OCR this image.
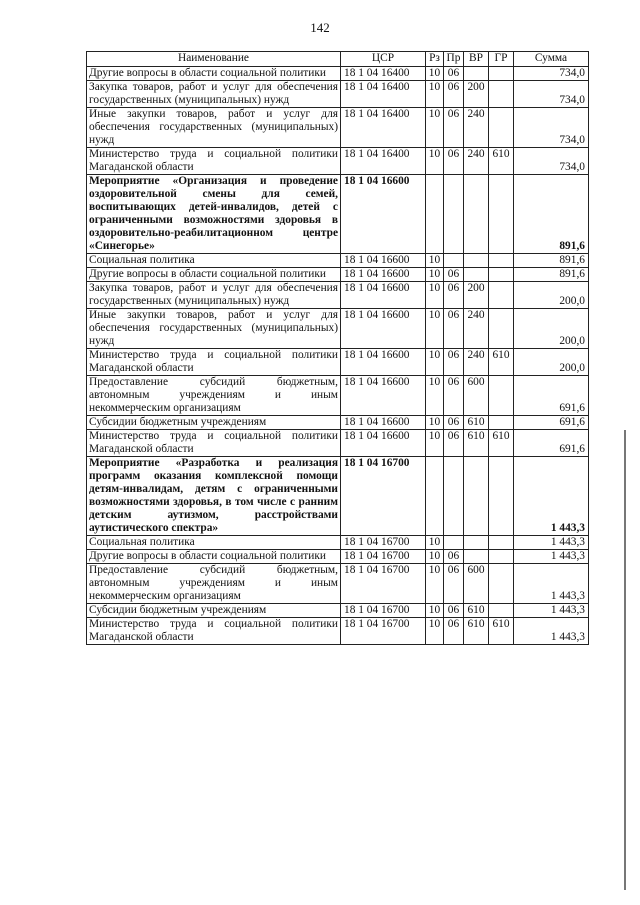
142
Наименование	ЦСР	Рз	Пр	ВР	ГР	Сумма
Другие вопросы в области социальной политики	18 1 04 16400	10	06			734,0
Закупка товаров, работ и услуг для обеспечения государственных (муниципальных) нужд	18 1 04 16400	10	06	200		734,0
Иные закупки товаров, работ и услуг для обеспечения государственных (муниципальных) нужд	18 1 04 16400	10	06	240		734,0
Министерство труда и социальной политики Магаданской области	18 1 04 16400	10	06	240	610	734,0
Мероприятие «Организация и проведение оздоровительной смены для семей, воспитывающих детей-инвалидов, детей с ограниченными возможностями здоровья в оздоровительно-реабилитационном центре «Синегорье»	18 1 04 16600					891,6
Социальная политика	18 1 04 16600	10				891,6
Другие вопросы в области социальной политики	18 1 04 16600	10	06			891,6
Закупка товаров, работ и услуг для обеспечения государственных (муниципальных) нужд	18 1 04 16600	10	06	200		200,0
Иные закупки товаров, работ и услуг для обеспечения государственных (муниципальных) нужд	18 1 04 16600	10	06	240		200,0
Министерство труда и социальной политики Магаданской области	18 1 04 16600	10	06	240	610	200,0
Предоставление субсидий бюджетным, автономным учреждениям и иным некоммерческим организациям	18 1 04 16600	10	06	600		691,6
Субсидии бюджетным учреждениям	18 1 04 16600	10	06	610		691,6
Министерство труда и социальной политики Магаданской области	18 1 04 16600	10	06	610	610	691,6
Мероприятие «Разработка и реализация программ оказания комплексной помощи детям-инвалидам, детям с ограниченными возможностями здоровья, в том числе с ранним детским аутизмом, расстройствами аутистического спектра»	18 1 04 16700					1 443,3
Социальная политика	18 1 04 16700	10				1 443,3
Другие вопросы в области социальной политики	18 1 04 16700	10	06			1 443,3
Предоставление субсидий бюджетным, автономным учреждениям и иным некоммерческим организациям	18 1 04 16700	10	06	600		1 443,3
Субсидии бюджетным учреждениям	18 1 04 16700	10	06	610		1 443,3
Министерство труда и социальной политики Магаданской области	18 1 04 16700	10	06	610	610	1 443,3
